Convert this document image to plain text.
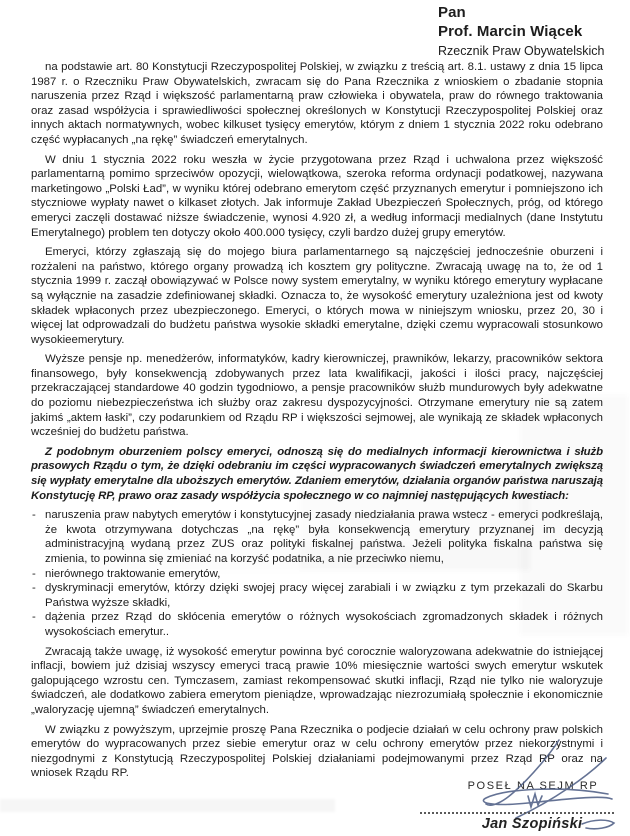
Pan
Prof. Marcin Wiącek
Rzecznik Praw Obywatelskich

na podstawie art. 80 Konstytucji Rzeczypospolitej Polskiej, w związku z treścią art. 8.1. ustawy z dnia 15 lipca 1987 r. o Rzeczniku Praw Obywatelskich, zwracam się do Pana Rzecznika z wnioskiem o zbadanie stopnia naruszenia przez Rząd i większość parlamentarną praw człowieka i obywatela, praw do równego traktowania oraz zasad współżycia i sprawiedliwości społecznej określonych w Konstytucji Rzeczypospolitej Polskiej oraz innych aktach normatywnych, wobec kilkuset tysięcy emerytów, którym z dniem 1 stycznia 2022 roku odebrano część wypłacanych „na rękę” świadczeń emerytalnych.

W dniu 1 stycznia 2022 roku weszła w życie przygotowana przez Rząd i uchwalona przez większość parlamentarną pomimo sprzeciwów opozycji, wielowątkowa, szeroka reforma ordynacji podatkowej, nazywana marketingowo „Polski Ład”, w wyniku której odebrano emerytom część przyznanych emerytur i pomniejszono ich styczniowe wypłaty nawet o kilkaset złotych. Jak informuje Zakład Ubezpieczeń Społecznych, próg, od którego emeryci zaczęli dostawać niższe świadczenie, wynosi 4.920 zł, a według informacji medialnych (dane Instytutu Emerytalnego) problem ten dotyczy około 400.000 tysięcy, czyli bardzo dużej grupy emerytów.

Emeryci, którzy zgłaszają się do mojego biura parlamentarnego są najczęściej jednocześnie oburzeni i rozżaleni na państwo, którego organy prowadzą ich kosztem gry polityczne. Zwracają uwagę na to, że od 1 stycznia 1999 r. zaczął obowiązywać w Polsce nowy system emerytalny, w wyniku którego emerytury wypłacane są wyłącznie na zasadzie zdefiniowanej składki. Oznacza to, że wysokość emerytury uzależniona jest od kwoty składek wpłaconych przez ubezpieczonego. Emeryci, o których mowa w niniejszym wniosku, przez 20, 30 i więcej lat odprowadzali do budżetu państwa wysokie składki emerytalne, dzięki czemu wypracowali stosunkowo wysokieemerytury.

Wyższe pensje np. menedżerów, informatyków, kadry kierowniczej, prawników, lekarzy, pracowników sektora finansowego, były konsekwencją zdobywanych przez lata kwalifikacji, jakości i ilości pracy, najczęściej przekraczającej standardowe 40 godzin tygodniowo, a pensje pracowników służb mundurowych były adekwatne do poziomu niebezpieczeństwa ich służby oraz zakresu dyspozycyjności. Otrzymane emerytury nie są zatem jakimś „aktem łaski”, czy podarunkiem od Rządu RP i większości sejmowej, ale wynikają ze składek wpłaconych wcześniej do budżetu państwa.

Z podobnym oburzeniem polscy emeryci, odnoszą się do medialnych informacji kierownictwa i służb prasowych Rządu o tym, że dzięki odebraniu im części wypracowanych świadczeń emerytalnych zwiększą się wypłaty emerytalne dla uboższych emerytów. Zdaniem emerytów, działania organów państwa naruszają Konstytucję RP, prawo oraz zasady współżycia społecznego w co najmniej następujących kwestiach:

- naruszenia praw nabytych emerytów i konstytucyjnej zasady niedziałania prawa wstecz - emeryci podkreślają, że kwota otrzymywana dotychczas „na rękę” była konsekwencją emerytury przyznanej im decyzją administracyjną wydaną przez ZUS oraz polityki fiskalnej państwa. Jeżeli polityka fiskalna państwa się zmienia, to powinna się zmieniać na korzyść podatnika, a nie przeciwko niemu,
- nierównego traktowanie emerytów,
- dyskryminacji emerytów, którzy dzięki swojej pracy więcej zarabiali i w związku z tym przekazali do Skarbu Państwa wyższe składki,
- dążenia przez Rząd do skłócenia emerytów o różnych wysokościach zgromadzonych składek i różnych wysokościach emerytur..

Zwracają także uwagę, iż wysokość emerytur powinna być corocznie waloryzowana adekwatnie do istniejącej inflacji, bowiem już dzisiaj wszyscy emeryci tracą prawie 10% miesięcznie wartości swych emerytur wskutek galopującego wzrostu cen. Tymczasem, zamiast rekompensować skutki inflacji, Rząd nie tylko nie waloryzuje świadczeń, ale dodatkowo zabiera emerytom pieniądze, wprowadzając niezrozumiałą społecznie i ekonomicznie „waloryzację ujemną” świadczeń emerytalnych.

W związku z powyższym, uprzejmie proszę Pana Rzecznika o podjecie działań w celu ochrony praw polskich emerytów do wypracowanych przez siebie emerytur oraz w celu ochrony emerytów przez niekorzystnymi i niezgodnymi z Konstytucją Rzeczypospolitej Polskiej działaniami podejmowanymi przez Rząd RP oraz na wniosek Rządu RP.

POSEŁ NA SEJM RP
Jan Szopiński
